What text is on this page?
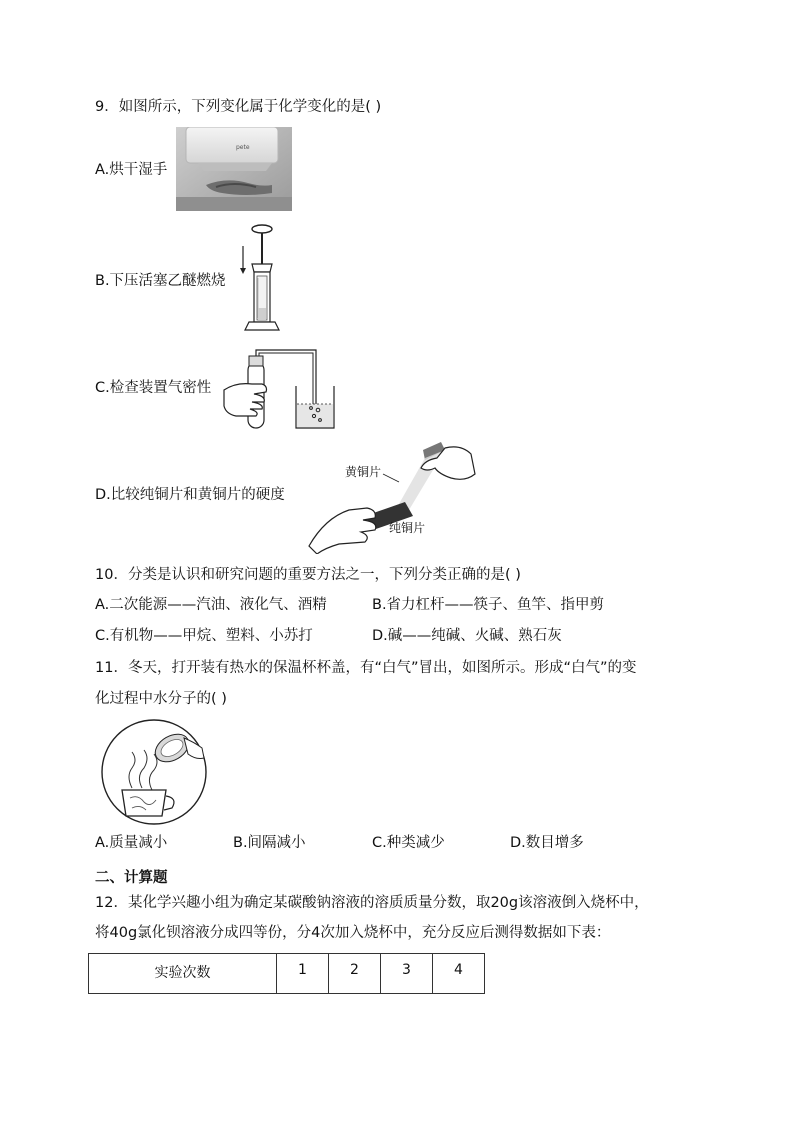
9．如图所示，下列变化属于化学变化的是( )
A.烘干湿手
pete
B.下压活塞乙醚燃烧
C.检查装置气密性
D.比较纯铜片和黄铜片的硬度
黄铜片
纯铜片
10．分类是认识和研究问题的重要方法之一，下列分类正确的是( )
A.二次能源——汽油、液化气、酒精	B.省力杠杆——筷子、鱼竿、指甲剪
C.有机物——甲烷、塑料、小苏打	D.碱——纯碱、火碱、熟石灰
11．冬天，打开装有热水的保温杯杯盖，有“白气”冒出，如图所示。形成“白气”的变
化过程中水分子的( )
A.质量减小	B.间隔减小	C.种类减少	D.数目增多
二、计算题
12．某化学兴趣小组为确定某碳酸钠溶液的溶质质量分数，取20g该溶液倒入烧杯中，
将40g氯化钡溶液分成四等份，分4次加入烧杯中，充分反应后测得数据如下表：
实验次数	1	2	3	4
